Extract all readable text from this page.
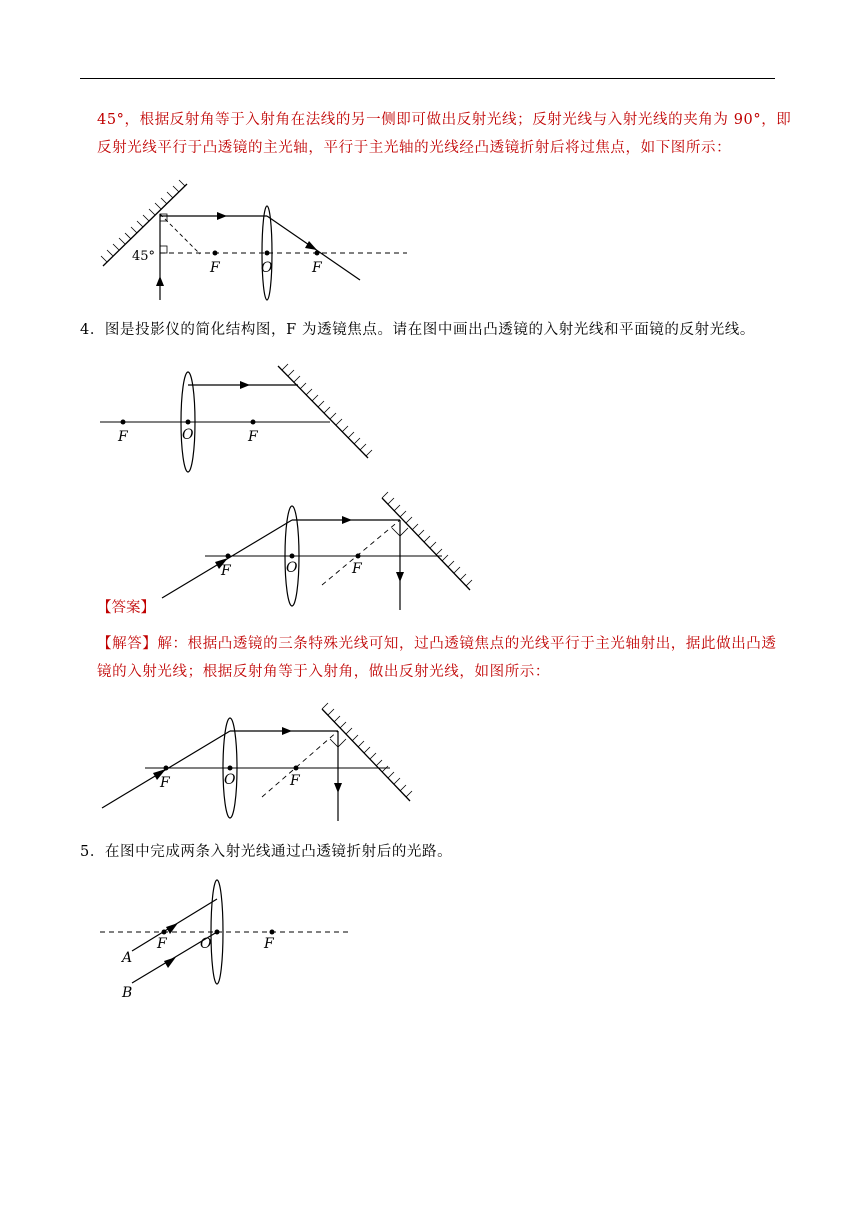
45°，根据反射角等于入射角在法线的另一侧即可做出反射光线；反射光线与入射光线的夹角为 90°，即
反射光线平行于凸透镜的主光轴，平行于主光轴的光线经凸透镜折射后将过焦点，如下图所示：
45°
F	O	F
4．图是投影仪的简化结构图，F 为透镜焦点。请在图中画出凸透镜的入射光线和平面镜的反射光线。
F	O	F
F	O	F
【答案】
【解答】解：根据凸透镜的三条特殊光线可知，过凸透镜焦点的光线平行于主光轴射出，据此做出凸透
镜的入射光线；根据反射角等于入射角，做出反射光线，如图所示：
F	O	F
5．在图中完成两条入射光线通过凸透镜折射后的光路。
F O	F
A
B
